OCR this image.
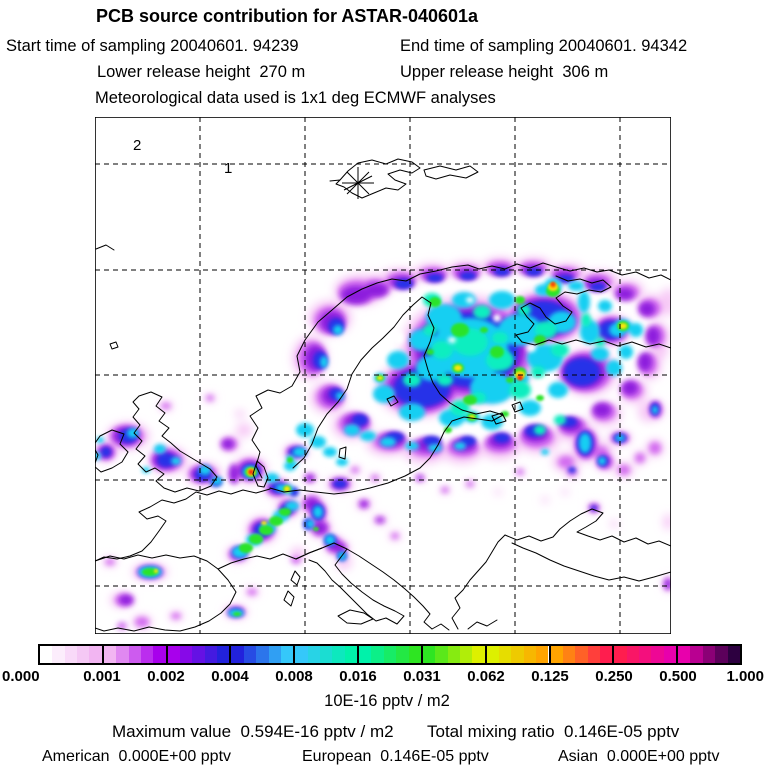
PCB source contribution for ASTAR-040601a
Start time of sampling 20040601. 94239	End time of sampling 20040601. 94342
Lower release height  270 m	Upper release height  306 m
Meteorological data used is 1x1 deg ECMWF analyses
2
1
0.000	0.001 0.002 0.004 0.008 0.016 0.031 0.062 0.125 0.250 0.500 1.000
10E-16 pptv / m2
Maximum value  0.594E-16 pptv / m2 Total mixing ratio  0.146E-05 pptv
American  0.000E+00 pptv	European  0.146E-05 pptv	Asian  0.000E+00 pptv
